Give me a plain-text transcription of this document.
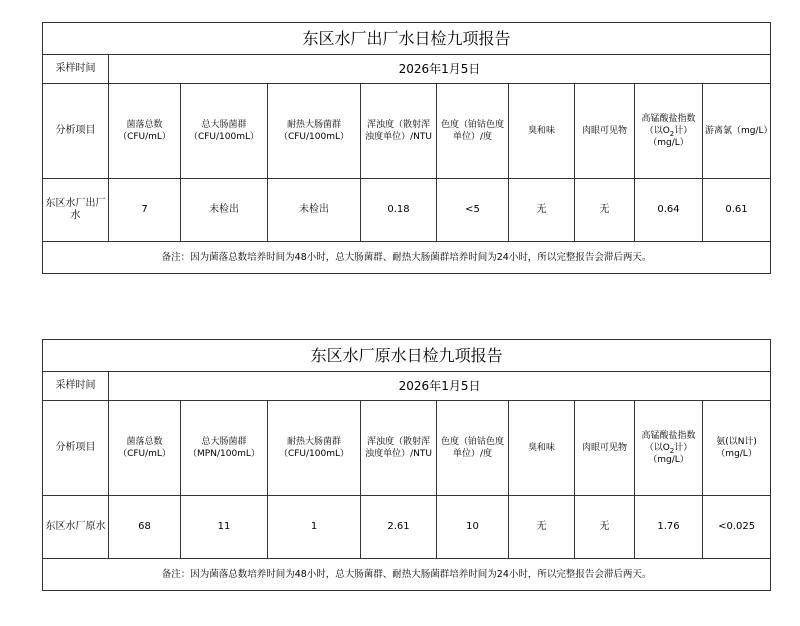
东区水厂出厂水日检九项报告									
采样时间	2026年1月5日								
分析项目	菌落总数（CFU/mL）	总大肠菌群（CFU/100mL）	耐热大肠菌群（CFU/100mL）	浑浊度（散射浑浊度单位）/NTU	色度（铂钴色度单位）/度	臭和味	肉眼可见物	高锰酸盐指数（以$O_2$计）（mg/L）	游离氯（mg/L）
东区水厂出厂水	7	未检出	未检出	0.18	<5	无	无	0.64	0.61
备注：因为菌落总数培养时间为48小时，总大肠菌群、耐热大肠菌群培养时间为24小时，所以完整报告会滞后两天。									
东区水厂原水日检九项报告									
采样时间	2026年1月5日								
分析项目	菌落总数（CFU/mL）	总大肠菌群（MPN/100mL）	耐热大肠菌群（CFU/100mL）	浑浊度（散射浑浊度单位）/NTU	色度（铂钴色度单位）/度	臭和味	肉眼可见物	高锰酸盐指数（以$O_2$计）（mg/L）	氨(以N计)（mg/L）
东区水厂原水	68	11	1	2.61	10	无	无	1.76	<0.025
备注：因为菌落总数培养时间为48小时，总大肠菌群、耐热大肠菌群培养时间为24小时，所以完整报告会滞后两天。									
